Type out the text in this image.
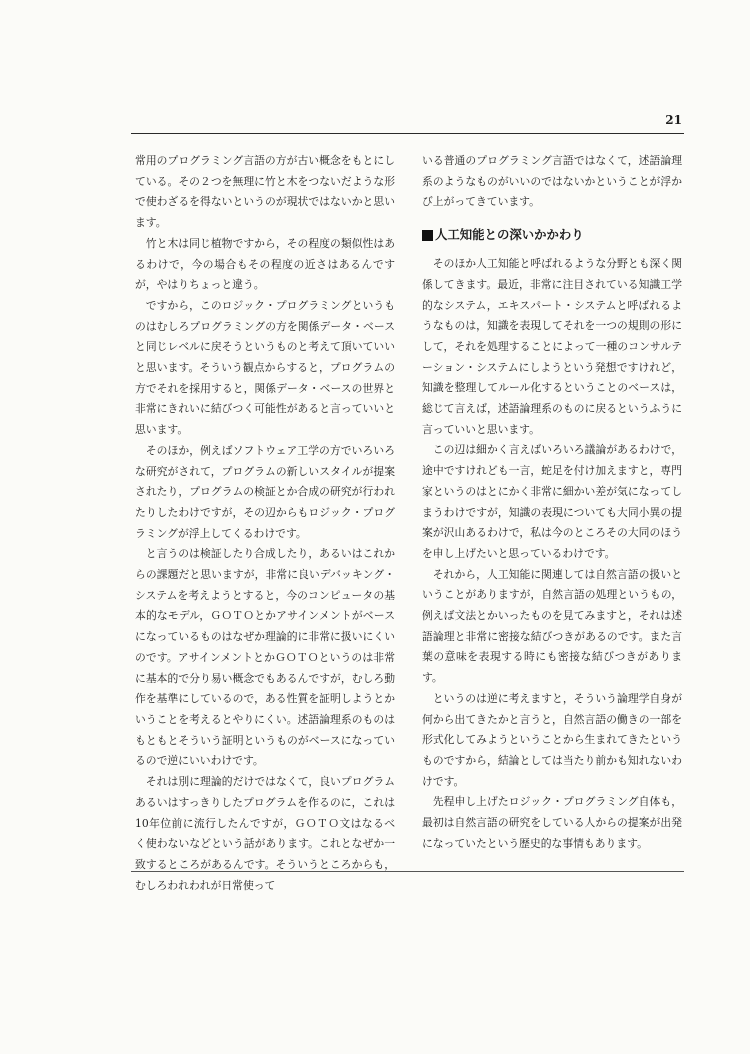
21

常用のプログラミング言語の方が古い概念をもとにしている。その２つを無理に竹と木をつないだような形で使わざるを得ないというのが現状ではないかと思います。

竹と木は同じ植物ですから，その程度の類似性はあるわけで，今の場合もその程度の近さはあるんですが，やはりちょっと違う。

ですから，このロジック・プログラミングというものはむしろプログラミングの方を関係データ・ベースと同じレベルに戻そうというものと考えて頂いていいと思います。そういう観点からすると，プログラムの方でそれを採用すると，関係データ・ベースの世界と非常にきれいに結びつく可能性があると言っていいと思います。

そのほか，例えばソフトウェア工学の方でいろいろな研究がされて，プログラムの新しいスタイルが提案されたり，プログラムの検証とか合成の研究が行われたりしたわけですが，その辺からもロジック・プログラミングが浮上してくるわけです。

と言うのは検証したり合成したり，あるいはこれからの課題だと思いますが，非常に良いデバッキング・システムを考えようとすると，今のコンピュータの基本的なモデル，ＧＯＴＯとかアサインメントがベースになっているものはなぜか理論的に非常に扱いにくいのです。アサインメントとかＧＯＴＯというのは非常に基本的で分り易い概念でもあるんですが，むしろ動作を基準にしているので，ある性質を証明しようとかいうことを考えるとやりにくい。述語論理系のものはもともとそういう証明というものがベースになっているので逆にいいわけです。

それは別に理論的だけではなくて，良いプログラムあるいはすっきりしたプログラムを作るのに，これは10年位前に流行したんですが，ＧＯＴＯ文はなるべく使わないなどという話があります。これとなぜか一致するところがあるんです。そういうところからも，むしろわれわれが日常使って

いる普通のプログラミング言語ではなくて，述語論理系のようなものがいいのではないかということが浮かび上がってきています。

人工知能との深いかかわり

そのほか人工知能と呼ばれるような分野とも深く関係してきます。最近，非常に注目されている知識工学的なシステム，エキスパート・システムと呼ばれるようなものは，知識を表現してそれを一つの規則の形にして，それを処理することによって一種のコンサルテーション・システムにしようという発想ですけれど，知識を整理してルール化するということのベースは，総じて言えば，述語論理系のものに戻るというふうに言っていいと思います。

この辺は細かく言えばいろいろ議論があるわけで，途中ですけれども一言，蛇足を付け加えますと，専門家というのはとにかく非常に細かい差が気になってしまうわけですが，知識の表現についても大同小異の提案が沢山あるわけで，私は今のところその大同のほうを申し上げたいと思っているわけです。

それから，人工知能に関連しては自然言語の扱いということがありますが，自然言語の処理というもの，例えば文法とかいったものを見てみますと，それは述語論理と非常に密接な結びつきがあるのです。また言葉の意味を表現する時にも密接な結びつきがあります。

というのは逆に考えますと，そういう論理学自身が何から出てきたかと言うと，自然言語の働きの一部を形式化してみようということから生まれてきたというものですから，結論としては当たり前かも知れないわけです。

先程申し上げたロジック・プログラミング自体も，最初は自然言語の研究をしている人からの提案が出発になっていたという歴史的な事情もあります。
